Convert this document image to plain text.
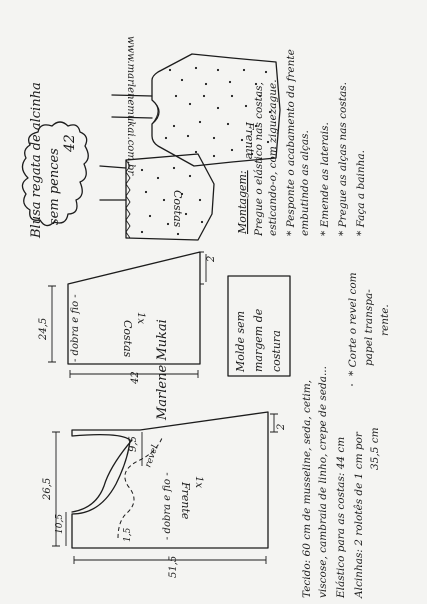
Blusa regata de alcinha sem pences
42	www.marlenemukai.com.br	Frente
Costas	Montagem: Pregue o elástico nas costas, esticando-o, com ziguezague. * Pesponte o acabamento da frente embutindo as alças. * Emende as laterais. * Pregue as alças nas costas. * Faça a bainha.
2
24,5
42
- dobra e fio -	Costas
1x	Molde sem margem de costura
Marlene Mukai
revel
2
9,5
26,5
10,5
1,5
51,5
- dobra e fio - Frente 1x	Tecido: 60 cm de musseline, seda, cetim, viscose, cambraia de linho, crepe de seda... Elástico para as costas: 44 cm Alcinhas: 2 rolotês de 1 cm por 35,5 cm
* Corte o revel com papel transpa- rente.
